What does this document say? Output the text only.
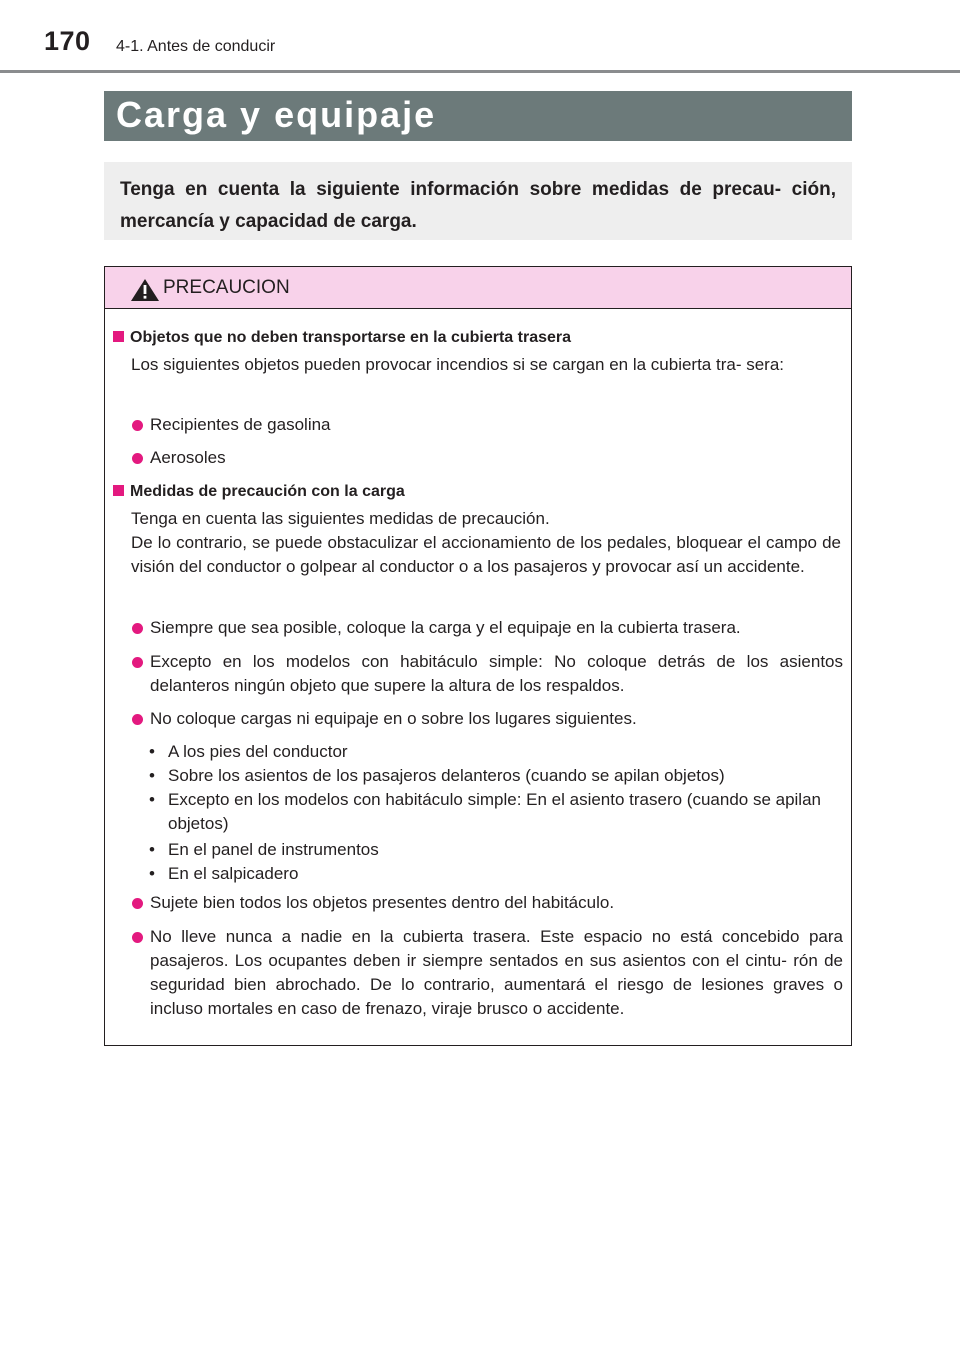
170 4-1. Antes de conducir
Carga y equipaje

Tenga en cuenta la siguiente información sobre medidas de precau- ción, mercancía y capacidad de carga.

PRECAUCION
Objetos que no deben transportarse en la cubierta trasera
Los siguientes objetos pueden provocar incendios si se cargan en la cubierta tra- sera:
Recipientes de gasolina
Aerosoles
Medidas de precaución con la carga
Tenga en cuenta las siguientes medidas de precaución.
De lo contrario, se puede obstaculizar el accionamiento de los pedales, bloquear el campo de visión del conductor o golpear al conductor o a los pasajeros y provocar así un accidente.
Siempre que sea posible, coloque la carga y el equipaje en la cubierta trasera.
Excepto en los modelos con habitáculo simple: No coloque detrás de los asientos delanteros ningún objeto que supere la altura de los respaldos.
No coloque cargas ni equipaje en o sobre los lugares siguientes.
• A los pies del conductor
• Sobre los asientos de los pasajeros delanteros (cuando se apilan objetos)
• Excepto en los modelos con habitáculo simple: En el asiento trasero (cuando se apilan objetos)
• En el panel de instrumentos
• En el salpicadero
Sujete bien todos los objetos presentes dentro del habitáculo.
No lleve nunca a nadie en la cubierta trasera. Este espacio no está concebido para pasajeros. Los ocupantes deben ir siempre sentados en sus asientos con el cintu- rón de seguridad bien abrochado. De lo contrario, aumentará el riesgo de lesiones graves o incluso mortales en caso de frenazo, viraje brusco o accidente.
